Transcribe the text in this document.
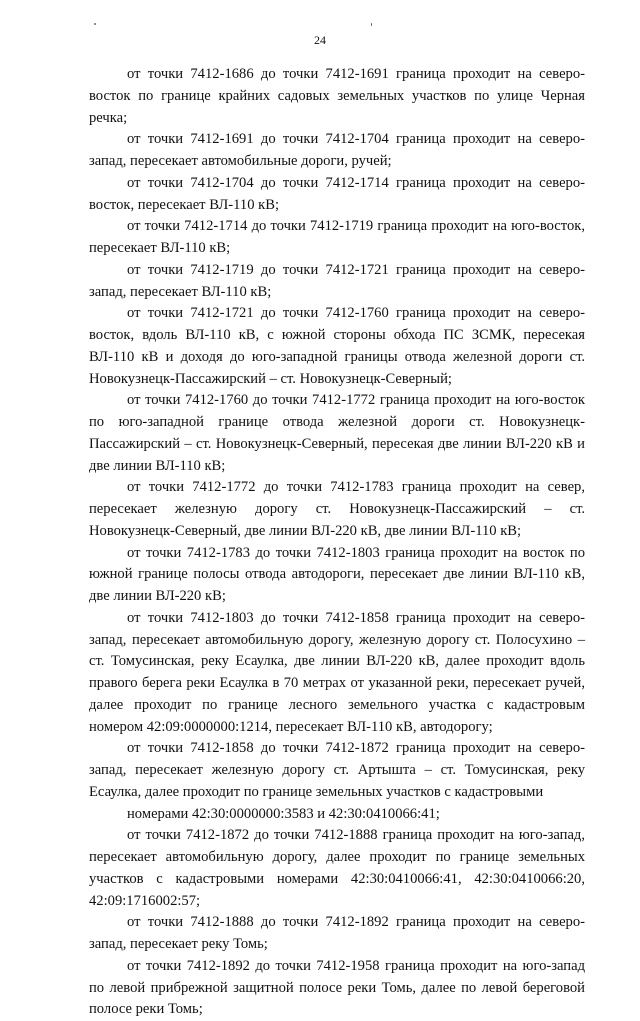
24

от точки 7412-1686 до точки 7412-1691 граница проходит на северо-восток по границе крайних садовых земельных участков по улице Черная речка;

от точки 7412-1691 до точки 7412-1704 граница проходит на северо-запад, пересекает автомобильные дороги, ручей;

от точки 7412-1704 до точки 7412-1714 граница проходит на северо-восток, пересекает ВЛ-110 кВ;

от точки 7412-1714 до точки 7412-1719 граница проходит на юго-восток, пересекает ВЛ-110 кВ;

от точки 7412-1719 до точки 7412-1721 граница проходит на северо-запад, пересекает ВЛ-110 кВ;

от точки 7412-1721 до точки 7412-1760 граница проходит на северо-восток, вдоль ВЛ-110 кВ, с южной стороны обхода ПС ЗСМК, пересекая ВЛ-110 кВ и доходя до юго-западной границы отвода железной дороги ст. Новокузнецк-Пассажирский – ст. Новокузнецк-Северный;

от точки 7412-1760 до точки 7412-1772 граница проходит на юго-восток по юго-западной границе отвода железной дороги ст. Новокузнецк-Пассажирский – ст. Новокузнецк-Северный, пересекая две линии ВЛ-220 кВ и две линии ВЛ-110 кВ;

от точки 7412-1772 до точки 7412-1783 граница проходит на север, пересекает железную дорогу ст. Новокузнецк-Пассажирский – ст. Новокузнецк-Северный, две линии ВЛ-220 кВ, две линии ВЛ-110 кВ;

от точки 7412-1783 до точки 7412-1803 граница проходит на восток по южной границе полосы отвода автодороги, пересекает две линии ВЛ-110 кВ, две линии ВЛ-220 кВ;

от точки 7412-1803 до точки 7412-1858 граница проходит на северо-запад, пересекает автомобильную дорогу, железную дорогу ст. Полосухино – ст. Томусинская, реку Есаулка, две линии ВЛ-220 кВ, далее проходит вдоль правого берега реки Есаулка в 70 метрах от указанной реки, пересекает ручей, далее проходит по границе лесного земельного участка с кадастровым номером 42:09:0000000:1214, пересекает ВЛ-110 кВ, автодорогу;

от точки 7412-1858 до точки 7412-1872 граница проходит на северо-запад, пересекает железную дорогу ст. Артышта – ст. Томусинская, реку Есаулка, далее проходит по границе земельных участков с кадастровыми

номерами 42:30:0000000:3583 и 42:30:0410066:41;

от точки 7412-1872 до точки 7412-1888 граница проходит на юго-запад, пересекает автомобильную дорогу, далее проходит по границе земельных участков с кадастровыми номерами 42:30:0410066:41, 42:30:0410066:20, 42:09:1716002:57;

от точки 7412-1888 до точки 7412-1892 граница проходит на северо-запад, пересекает реку Томь;

от точки 7412-1892 до точки 7412-1958 граница проходит на юго-запад по левой прибрежной защитной полосе реки Томь, далее по левой береговой полосе реки Томь;
